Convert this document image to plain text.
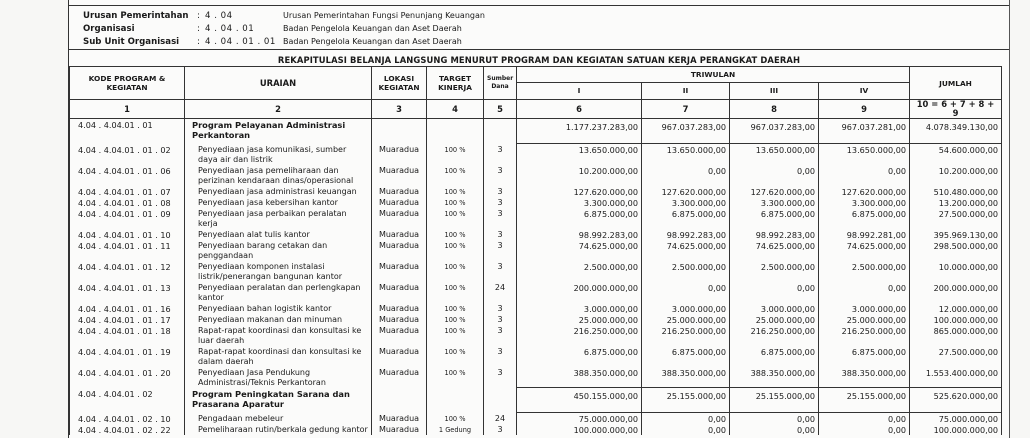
Urusan Pemerintahan : 4 . 04	Urusan Pemerintahan Fungsi Penunjang Keuangan
Organisasi	: 4 . 04 . 01	Badan Pengelola Keuangan dan Aset Daerah
Sub Unit Organisasi	: 4 . 04 . 01 . 01 Badan Pengelola Keuangan dan Aset Daerah
REKAPITULASI BELANJA LANGSUNG MENURUT PROGRAM DAN KEGIATAN SATUAN KERJA PERANGKAT DAERAH
KODE PROGRAM & KEGIATAN	URAIAN	LOKASI KEGIATAN	TARGET KINERJA	Sumber Dana	TRIWULAN				JUMLAH
					I	II	III	IV	
1	2	3	4	5	6	7	8	9	10 = 6 + 7 + 8 + 9
4.04 . 4.04.01 . 01	Program Pelayanan Administrasi Perkantoran				1.177.237.283,00	967.037.283,00	967.037.283,00	967.037.281,00	4.078.349.130,00
4.04 . 4.04.01 . 01 . 02	Penyediaan jasa komunikasi, sumber daya air dan listrik	Muaradua	100 %	3	13.650.000,00	13.650.000,00	13.650.000,00	13.650.000,00	54.600.000,00
4.04 . 4.04.01 . 01 . 06	Penyediaan jasa pemeliharaan dan perizinan kendaraan dinas/operasional	Muaradua	100 %	3	10.200.000,00	0,00	0,00	0,00	10.200.000,00
4.04 . 4.04.01 . 01 . 07	Penyediaan jasa administrasi keuangan	Muaradua	100 %	3	127.620.000,00	127.620.000,00	127.620.000,00	127.620.000,00	510.480.000,00
4.04 . 4.04.01 . 01 . 08	Penyediaan jasa kebersihan kantor	Muaradua	100 %	3	3.300.000,00	3.300.000,00	3.300.000,00	3.300.000,00	13.200.000,00
4.04 . 4.04.01 . 01 . 09	Penyediaan jasa perbaikan peralatan kerja	Muaradua	100 %	3	6.875.000,00	6.875.000,00	6.875.000,00	6.875.000,00	27.500.000,00
4.04 . 4.04.01 . 01 . 10	Penyediaan alat tulis kantor	Muaradua	100 %	3	98.992.283,00	98.992.283,00	98.992.283,00	98.992.281,00	395.969.130,00
4.04 . 4.04.01 . 01 . 11	Penyediaan barang cetakan dan penggandaan	Muaradua	100 %	3	74.625.000,00	74.625.000,00	74.625.000,00	74.625.000,00	298.500.000,00
4.04 . 4.04.01 . 01 . 12	Penyediaan komponen instalasi listrik/penerangan bangunan kantor	Muaradua	100 %	3	2.500.000,00	2.500.000,00	2.500.000,00	2.500.000,00	10.000.000,00
4.04 . 4.04.01 . 01 . 13	Penyediaan peralatan dan perlengkapan kantor	Muaradua	100 %	24	200.000.000,00	0,00	0,00	0,00	200.000.000,00
4.04 . 4.04.01 . 01 . 16	Penyediaan bahan logistik kantor	Muaradua	100 %	3	3.000.000,00	3.000.000,00	3.000.000,00	3.000.000,00	12.000.000,00
4.04 . 4.04.01 . 01 . 17	Penyediaan makanan dan minuman	Muaradua	100 %	3	25.000.000,00	25.000.000,00	25.000.000,00	25.000.000,00	100.000.000,00
4.04 . 4.04.01 . 01 . 18	Rapat-rapat koordinasi dan konsultasi ke luar daerah	Muaradua	100 %	3	216.250.000,00	216.250.000,00	216.250.000,00	216.250.000,00	865.000.000,00
4.04 . 4.04.01 . 01 . 19	Rapat-rapat koordinasi dan konsultasi ke dalam daerah	Muaradua	100 %	3	6.875.000,00	6.875.000,00	6.875.000,00	6.875.000,00	27.500.000,00
4.04 . 4.04.01 . 01 . 20	Penyediaan Jasa Pendukung Administrasi/Teknis Perkantoran	Muaradua	100 %	3	388.350.000,00	388.350.000,00	388.350.000,00	388.350.000,00	1.553.400.000,00
4.04 . 4.04.01 . 02	Program Peningkatan Sarana dan Prasarana Aparatur				450.155.000,00	25.155.000,00	25.155.000,00	25.155.000,00	525.620.000,00
4.04 . 4.04.01 . 02 . 10	Pengadaan mebeleur	Muaradua	100 %	24	75.000.000,00	0,00	0,00	0,00	75.000.000,00
4.04 . 4.04.01 . 02 . 22	Pemeliharaan rutin/berkala gedung kantor	Muaradua	1 Gedung	3	100.000.000,00	0,00	0,00	0,00	100.000.000,00
